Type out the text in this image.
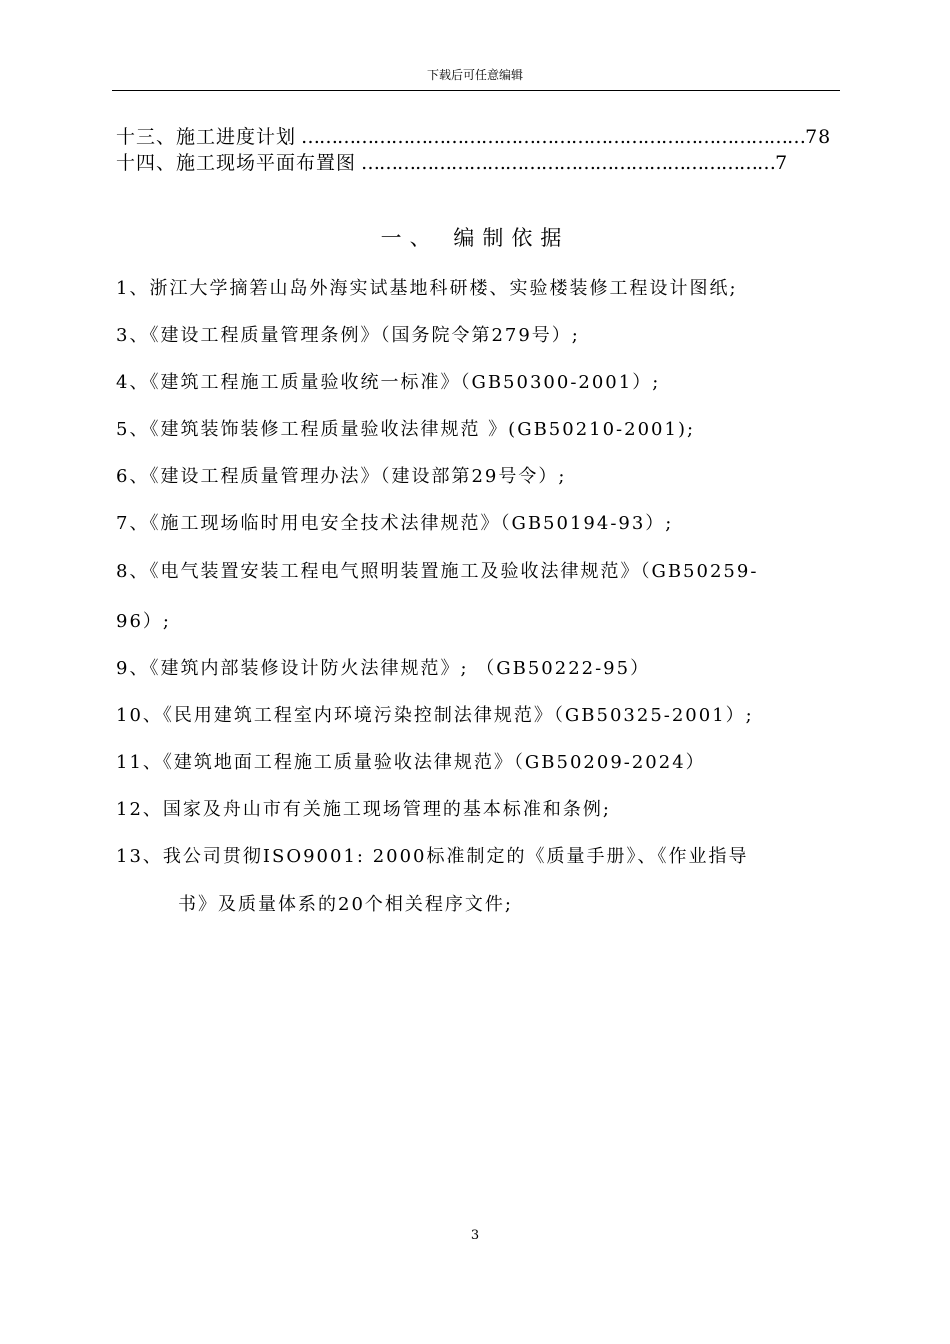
下载后可任意编辑
十三、施工进度计划 …………………………………………………………………………78
十四、施工现场平面布置图 ……………………………………………………………7
一、 编制依据
1、浙江大学摘箬山岛外海实试基地科研楼、实验楼装修工程设计图纸;
3、《建设工程质量管理条例》（国务院令第279号）;
4、《建筑工程施工质量验收统一标准》（GB50300-2001）;
5、《建筑装饰装修工程质量验收法律规范 》(GB50210-2001);
6、《建设工程质量管理办法》（建设部第29号令）;
7、《施工现场临时用电安全技术法律规范》（GB50194-93）;
8、《电气装置安装工程电气照明装置施工及验收法律规范》（GB50259-
96）;
9、《建筑内部装修设计防火法律规范》; （GB50222-95）
10、《民用建筑工程室内环境污染控制法律规范》（GB50325-2001）;
11、《建筑地面工程施工质量验收法律规范》（GB50209-2024）
12、国家及舟山市有关施工现场管理的基本标准和条例;
13、我公司贯彻ISO9001: 2000标准制定的《质量手册》、《作业指导
书》及质量体系的20个相关程序文件;
3
